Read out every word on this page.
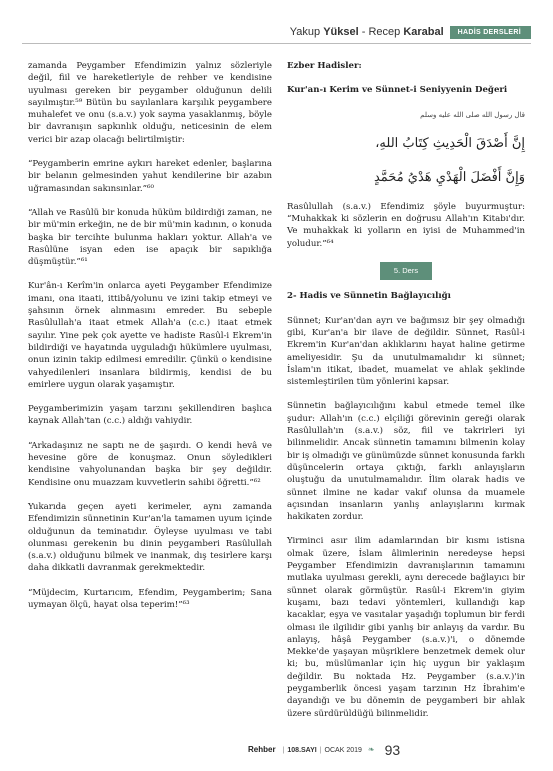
Yakup Yüksel - Recep Karabal	HADİS DERSLERİ

zamanda Peygamber Efendimizin yalnız sözleriyle değil, fiil ve hareketleriyle de rehber ve kendisine uyulması gereken bir peygamber olduğunun delili sayılmıştır.⁵⁹ Bütün bu sayılanlara karşılık peygambere muhalefet ve onu (s.a.v.) yok sayma yasaklanmış, böyle bir davranışın sapkınlık olduğu, neticesinin de elem verici bir azap olacağı belirtilmiştir:

“Peygamberin emrine aykırı hareket edenler, başlarına bir belanın gelmesinden yahut kendilerine bir azabın uğramasından sakınsınlar.”⁶⁰

“Allah ve Rasûlü bir konuda hüküm bildirdiği zaman, ne bir mü'min erkeğin, ne de bir mü'min kadının, o konuda başka bir tercihte bulunma hakları yoktur. Allah'a ve Rasûlüne isyan eden ise apaçık bir sapıklığa düşmüştür.”⁶¹

Kur'ân-ı Kerîm'in onlarca ayeti Peygamber Efendimize imanı, ona itaati, ittibâ/yolunu ve izini takip etmeyi ve şahsının örnek alınmasını emreder. Bu sebeple Rasûlullah'a itaat etmek Allah'a (c.c.) itaat etmek sayılır. Yine pek çok ayette ve hadiste Rasûl-i Ekrem'in bildirdiği ve hayatında uyguladığı hükümlere uyulması, onun izinin takip edilmesi emredilir. Çünkü o kendisine vahyedilenleri insanlara bildirmiş, kendisi de bu emirlere uygun olarak yaşamıştır.

Peygamberimizin yaşam tarzını şekillendiren başlıca kaynak Allah'tan (c.c.) aldığı vahiydir.

“Arkadaşınız ne saptı ne de şaşırdı. O kendi hevâ ve hevesine göre de konuşmaz. Onun söyledikleri kendisine vahyolunandan başka bir şey değildir. Kendisine onu muazzam kuvvetlerin sahibi öğretti.”⁶²

Yukarıda geçen ayeti kerimeler, aynı zamanda Efendimizin sünnetinin Kur'an'la tamamen uyum içinde olduğunun da teminatıdır. Öyleyse uyulması ve tabi olunması gerekenin bu dinin peygamberi Rasûlullah (s.a.v.) olduğunu bilmek ve inanmak, dış tesirlere karşı daha dikkatli davranmak gerekmektedir.

“Müjdecim, Kurtarıcım, Efendim, Peygamberim; Sana uymayan ölçü, hayat olsa teperim!”⁶³

Ezber Hadisler:
Kur'an-ı Kerim ve Sünnet-i Seniyyenin Değeri

قال رسول الله صلى الله عليه وسلم

إِنَّ أَصْدَقَ الْحَدِيثِ كِتَابُ اللهِ،

وَإِنَّ أَفْضَلَ الْهَدْيِ هَدْيُ مُحَمَّدٍ

Rasûlullah (s.a.v.) Efendimiz şöyle buyurmuştur: “Muhakkak ki sözlerin en doğrusu Allah'ın Kitabı'dır. Ve muhakkak ki yolların en iyisi de Muhammed'in yoludur.”⁶⁴

5. Ders
2- Hadis ve Sünnetin Bağlayıcılığı

Sünnet; Kur'an'dan ayrı ve bağımsız bir şey olmadığı gibi, Kur'an'a bir ilave de değildir. Sünnet, Rasûl-i Ekrem'in Kur'an'dan aklıklarını hayat haline getirme ameliyesidir. Şu da unutulmamalıdır ki sünnet; İslam'ın itikat, ibadet, muamelat ve ahlak şeklinde sistemleştirilen tüm yönlerini kapsar.

Sünnetin bağlayıcılığını kabul etmede temel ilke şudur: Allah'ın (c.c.) elçiliği görevinin gereği olarak Rasûlullah'ın (s.a.v.) söz, fiil ve takrirleri iyi bilinmelidir. Ancak sünnetin tamamını bilmenin kolay bir iş olmadığı ve günümüzde sünnet konusunda farklı düşüncelerin ortaya çıktığı, farklı anlayışların oluştuğu da unutulmamalıdır. İlim olarak hadis ve sünnet ilmine ne kadar vakıf olunsa da muamele açısından insanların yanlış anlayışlarını kırmak hakikaten zordur.

Yirminci asır ilim adamlarından bir kısmı istisna olmak üzere, İslam âlimlerinin neredeyse hepsi Peygamber Efendimizin davranışlarının tamamını mutlaka uyulması gerekli, aynı derecede bağlayıcı bir sünnet olarak görmüştür. Rasûl-i Ekrem'in giyim kuşamı, bazı tedavi yöntemleri, kullandığı kap kacaklar, eşya ve vasıtalar yaşadığı toplumun bir ferdi olması ile ilgilidir gibi yanlış bir anlayış da vardır. Bu anlayış, hâşâ Peygamber (s.a.v.)'i, o dönemde Mekke'de yaşayan müşriklere benzetmek demek olur ki; bu, müslümanlar için hiç uygun bir yaklaşım değildir. Bu noktada Hz. Peygamber (s.a.v.)'in peygamberlik öncesi yaşam tarzının Hz İbrahim'e dayandığı ve bu dönemin de peygamberi bir ahlak üzere sürdürüldüğü bilinmelidir.

Rehber | 108.SAYI | OCAK 2019 ❧ 93
